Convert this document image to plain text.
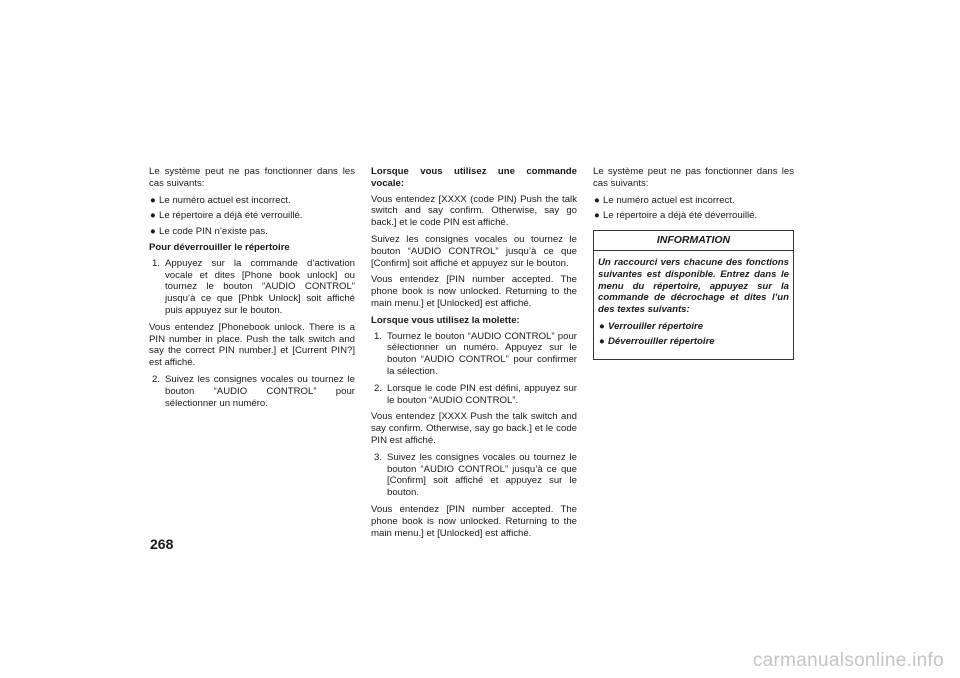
Le système peut ne pas fonctionner dans les cas suivants:

● Le numéro actuel est incorrect.
● Le répertoire a déjà été verrouillé.
● Le code PIN n’existe pas.

Pour déverrouiller le répertoire

1. Appuyez sur la commande d’activation vocale et dites [Phone book unlock] ou tournez le bouton “AUDIO CONTROL” jusqu’à ce que [Phbk Unlock] soit affiché puis appuyez sur le bouton.

Vous entendez [Phonebook unlock. There is a PIN number in place. Push the talk switch and say the correct PIN number.] et [Current PIN?] est affiché.

2. Suivez les consignes vocales ou tournez le bouton “AUDIO CONTROL” pour sélectionner un numéro.

Lorsque vous utilisez une commande vocale:

Vous entendez [XXXX (code PIN) Push the talk switch and say confirm. Otherwise, say go back.] et le code PIN est affiché.

Suivez les consignes vocales ou tournez le bouton “AUDIO CONTROL” jusqu’à ce que [Confirm] soit affiché et appuyez sur le bouton.

Vous entendez [PIN number accepted. The phone book is now unlocked. Returning to the main menu.] et [Unlocked] est affiché.

Lorsque vous utilisez la molette:

1. Tournez le bouton “AUDIO CONTROL” pour sélectionner un numéro. Appuyez sur le bouton “AUDIO CONTROL” pour confirmer la sélection.
2. Lorsque le code PIN est défini, appuyez sur le bouton “AUDIO CONTROL”.

Vous entendez [XXXX Push the talk switch and say confirm. Otherwise, say go back.] et le code PIN est affiché.

3. Suivez les consignes vocales ou tournez le bouton “AUDIO CONTROL” jusqu’à ce que [Confirm] soit affiché et appuyez sur le bouton.

Vous entendez [PIN number accepted. The phone book is now unlocked. Returning to the main menu.] et [Unlocked] est affiché.

Le système peut ne pas fonctionner dans les cas suivants:

● Le numéro actuel est incorrect.
● Le répertoire a déjà été déverrouillé.
INFORMATION

Un raccourci vers chacune des fonctions suivantes est disponible. Entrez dans le menu du répertoire, appuyez sur la commande de décrochage et dites l’un des textes suivants:

● Verrouiller répertoire
● Déverrouiller répertoire
268
carmanualsonline.info
